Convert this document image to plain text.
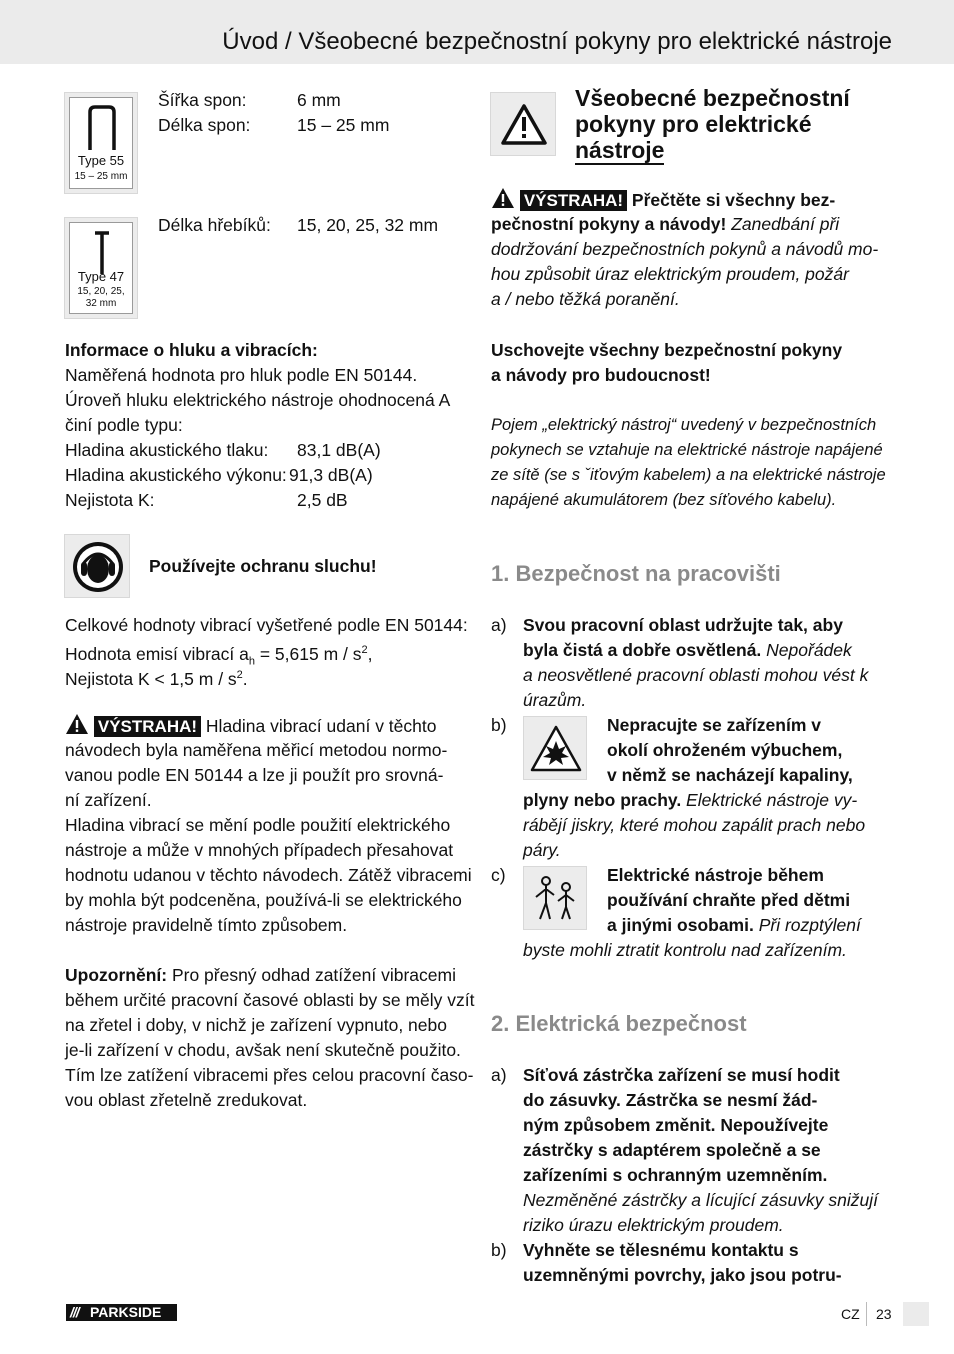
Úvod / Všeobecné bezpečnostní pokyny pro elektrické nástroje
Type 55
15 – 25 mm
Šířka spon:	6 mm
Délka spon:	15 – 25 mm
Type 47
15, 20, 25,
32 mm
Délka hřebíků: 15, 20, 25, 32 mm
Informace o hluku a vibracích:
Naměřená hodnota pro hluk podle EN 50144.
Úroveň hluku elektrického nástroje ohodnocená A
činí podle typu:
Hladina akustického tlaku: 83,1 dB(A)
Hladina akustického výkonu: 91,3 dB(A)
Nejistota K:	2,5 dB
Používejte ochranu sluchu!
Celkové hodnoty vibrací vyšetřené podle EN 50144:
Hodnota emisí vibrací $a_h = 5,615$ m / $s^2$,
Nejistota K < 1,5 m / $s^2$.
VÝSTRAHA! Hladina vibrací udaní v těchto
návodech byla naměřena měřicí metodou normo-
vanou podle EN 50144 a lze ji použít pro srovná-
ní zařízení.
Hladina vibrací se mění podle použití elektrického
nástroje a může v mnohých případech přesahovat
hodnotu udanou v těchto návodech. Zátěž vibracemi
by mohla být podceněna, používá-li se elektrického
nástroje pravidelně tímto způsobem.
Upozornění: Pro přesný odhad zatížení vibracemi
během určité pracovní časové oblasti by se měly vzít
na zřetel i doby, v nichž je zařízení vypnuto, nebo
je-li zařízení v chodu, avšak není skutečně použito.
Tím lze zatížení vibracemi přes celou pracovní časo-
vou oblast zřetelně zredukovat.
Všeobecné bezpečnostní
pokyny pro elektrické
nástroje
VÝSTRAHA! Přečtěte si všechny bez-
pečnostní pokyny a návody! Zanedbání při
dodržování bezpečnostních pokynů a návodů mo-
hou způsobit úraz elektrickým proudem, požár
a / nebo těžká poranění.
Uschovejte všechny bezpečnostní pokyny
a návody pro budoucnost!
Pojem „elektrický nástroj“ uvedený v bezpečnostních
pokynech se vztahuje na elektrické nástroje napájené
ze sítě (se s ˇiťovým kabelem) a na elektrické nástroje
napájené akumulátorem (bez síťového kabelu).
1. Bezpečnost na pracovišti
a) Svou pracovní oblast udržujte tak, aby
byla čistá a dobře osvětlená. Nepořádek
a neosvětlené pracovní oblasti mohou vést k
úrazům.
b)	Nepracujte se zařízením v
okolí ohroženém výbuchem,
v němž se nacházejí kapaliny,
plyny nebo prachy. Elektrické nástroje vy-
rábějí jiskry, které mohou zapálit prach nebo
páry.
c)	Elektrické nástroje během
používání chraňte před dětmi
a jinými osobami. Při rozptýlení
byste mohli ztratit kontrolu nad zařízením.
2. Elektrická bezpečnost
a) Síťová zástrčka zařízení se musí hodit
do zásuvky. Zástrčka se nesmí žád-
ným způsobem změnit. Nepoužívejte
zástrčky s adaptérem společně a se
zařízeními s ochranným uzemněním.
Nezměněné zástrčky a lícující zásuvky snižují
riziko úrazu elektrickým proudem.
b) Vyhněte se tělesnému kontaktu s
uzemněnými povrchy, jako jsou potru-
/// PARKSIDE	CZ 23
